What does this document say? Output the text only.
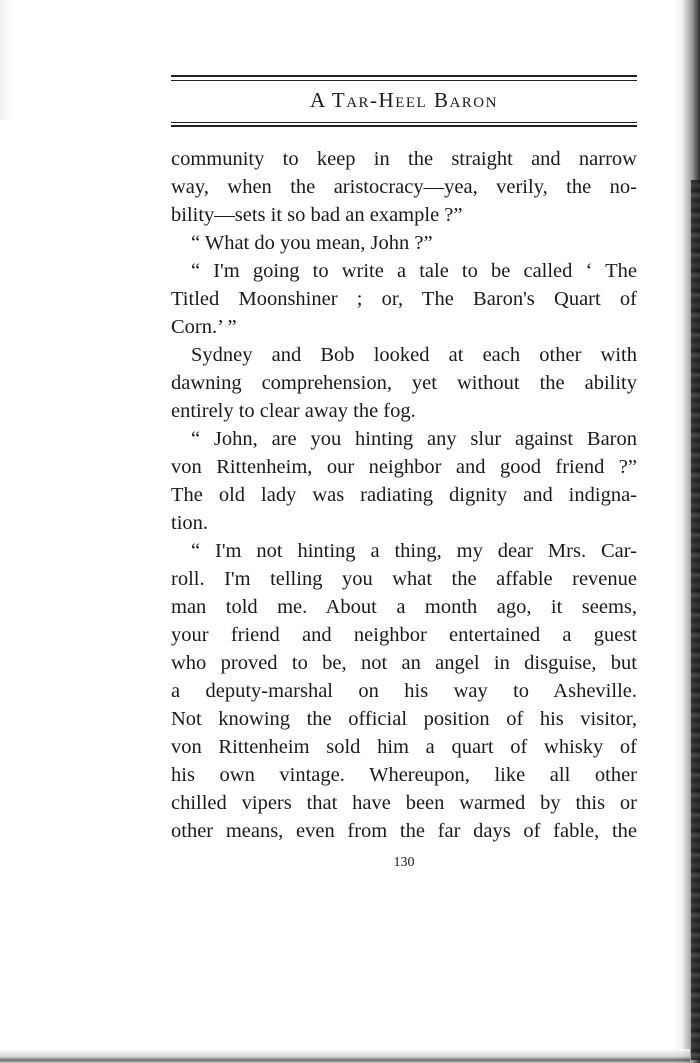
A Tar-Heel Baron
community to keep in the straight and narrow
way, when the aristocracy—yea, verily, the no-
bility—sets it so bad an example ?”
“ What do you mean, John ?”
“ I'm going to write a tale to be called ‘ The
Titled Moonshiner ; or, The Baron's Quart of
Corn.’ ”
Sydney and Bob looked at each other with
dawning comprehension, yet without the ability
entirely to clear away the fog.
“ John, are you hinting any slur against Baron
von Rittenheim, our neighbor and good friend ?”
The old lady was radiating dignity and indigna-
tion.
“ I'm not hinting a thing, my dear Mrs. Car-
roll. I'm telling you what the affable revenue
man told me. About a month ago, it seems,
your friend and neighbor entertained a guest
who proved to be, not an angel in disguise, but
a deputy-marshal on his way to Asheville.
Not knowing the official position of his visitor,
von Rittenheim sold him a quart of whisky of
his own vintage. Whereupon, like all other
chilled vipers that have been warmed by this or
other means, even from the far days of fable, the
130
